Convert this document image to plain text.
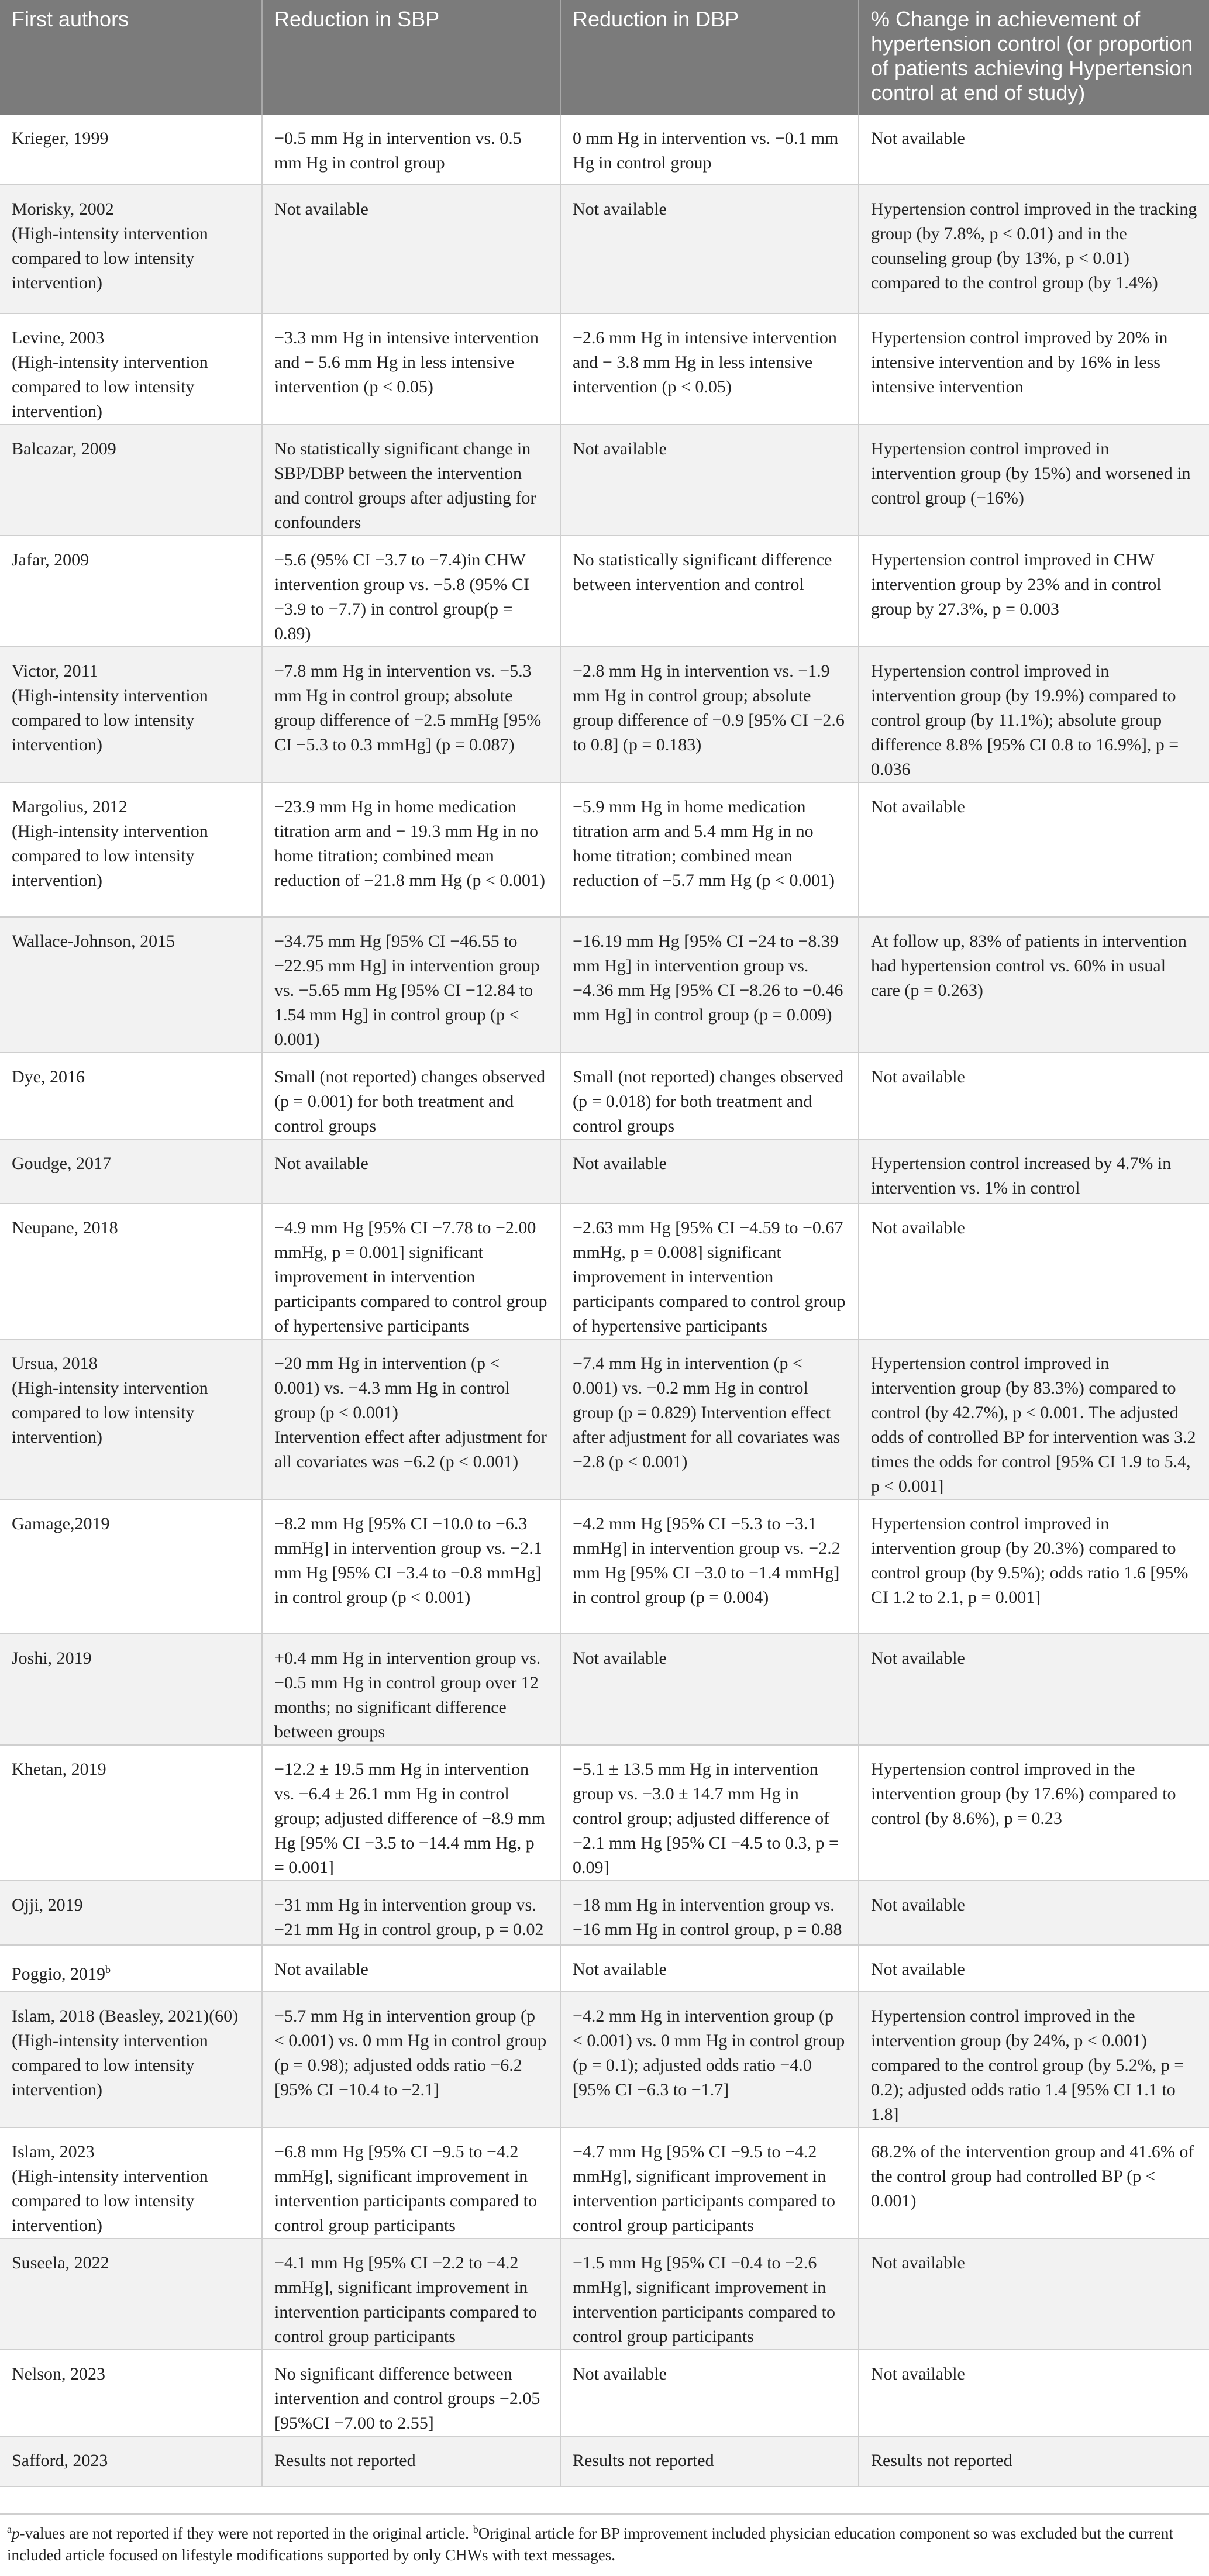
First authors	Reduction in SBP	Reduction in DBP	% Change in achievement of hypertension control (or proportion of patients achieving Hypertension control at end of study)

Krieger, 1999	−0.5 mm Hg in intervention vs. 0.5 mm Hg in control group	0 mm Hg in intervention vs. −0.1 mm Hg in control group	Not available

Morisky, 2002
(High-intensity intervention compared to low intensity intervention)	Not available	Not available	Hypertension control improved in the tracking group (by 7.8%, p < 0.01) and in the counseling group (by 13%, p < 0.01) compared to the control group (by 1.4%)

Levine, 2003
(High-intensity intervention compared to low intensity intervention)	−3.3 mm Hg in intensive intervention and − 5.6 mm Hg in less intensive intervention (p < 0.05)	−2.6 mm Hg in intensive intervention and − 3.8 mm Hg in less intensive intervention (p < 0.05)	Hypertension control improved by 20% in intensive intervention and by 16% in less intensive intervention

Balcazar, 2009	No statistically significant change in SBP/DBP between the intervention and control groups after adjusting for confounders	Not available	Hypertension control improved in intervention group (by 15%) and worsened in control group (−16%)

Jafar, 2009	−5.6 (95% CI −3.7 to −7.4)in CHW intervention group vs. −5.8 (95% CI −3.9 to −7.7) in control group(p = 0.89)	No statistically significant difference between intervention and control	Hypertension control improved in CHW intervention group by 23% and in control group by 27.3%, p = 0.003

Victor, 2011
(High-intensity intervention compared to low intensity intervention)	−7.8 mm Hg in intervention vs. −5.3 mm Hg in control group; absolute group difference of −2.5 mmHg [95% CI −5.3 to 0.3 mmHg] (p = 0.087)	−2.8 mm Hg in intervention vs. −1.9 mm Hg in control group; absolute group difference of −0.9 [95% CI −2.6 to 0.8] (p = 0.183)	Hypertension control improved in intervention group (by 19.9%) compared to control group (by 11.1%); absolute group difference 8.8% [95% CI 0.8 to 16.9%], p = 0.036

Margolius, 2012
(High-intensity intervention compared to low intensity intervention)	−23.9 mm Hg in home medication titration arm and − 19.3 mm Hg in no home titration; combined mean reduction of −21.8 mm Hg (p < 0.001)	−5.9 mm Hg in home medication titration arm and 5.4 mm Hg in no home titration; combined mean reduction of −5.7 mm Hg (p < 0.001)	Not available

Wallace-Johnson, 2015	−34.75 mm Hg [95% CI −46.55 to −22.95 mm Hg] in intervention group vs. −5.65 mm Hg [95% CI −12.84 to 1.54 mm Hg] in control group (p < 0.001)	−16.19 mm Hg [95% CI −24 to −8.39 mm Hg] in intervention group vs. −4.36 mm Hg [95% CI −8.26 to −0.46 mm Hg] in control group (p = 0.009)	At follow up, 83% of patients in intervention had hypertension control vs. 60% in usual care (p = 0.263)

Dye, 2016	Small (not reported) changes observed (p = 0.001) for both treatment and control groups	Small (not reported) changes observed (p = 0.018) for both treatment and control groups	Not available

Goudge, 2017	Not available	Not available	Hypertension control increased by 4.7% in intervention vs. 1% in control

Neupane, 2018	−4.9 mm Hg [95% CI −7.78 to −2.00 mmHg, p = 0.001] significant improvement in intervention participants compared to control group of hypertensive participants	−2.63 mm Hg [95% CI −4.59 to −0.67 mmHg, p = 0.008] significant improvement in intervention participants compared to control group of hypertensive participants	Not available

Ursua, 2018
(High-intensity intervention compared to low intensity intervention)	−20 mm Hg in intervention (p < 0.001) vs. −4.3 mm Hg in control group (p < 0.001)
Intervention effect after adjustment for all covariates was −6.2 (p < 0.001)	−7.4 mm Hg in intervention (p < 0.001) vs. −0.2 mm Hg in control group (p = 0.829) Intervention effect after adjustment for all covariates was −2.8 (p < 0.001)	Hypertension control improved in intervention group (by 83.3%) compared to control (by 42.7%), p < 0.001. The adjusted odds of controlled BP for intervention was 3.2 times the odds for control [95% CI 1.9 to 5.4, p < 0.001]

Gamage,2019	−8.2 mm Hg [95% CI −10.0 to −6.3 mmHg] in intervention group vs. −2.1 mm Hg [95% CI −3.4 to −0.8 mmHg] in control group (p < 0.001)	−4.2 mm Hg [95% CI −5.3 to −3.1 mmHg] in intervention group vs. −2.2 mm Hg [95% CI −3.0 to −1.4 mmHg] in control group (p = 0.004)	Hypertension control improved in intervention group (by 20.3%) compared to control group (by 9.5%); odds ratio 1.6 [95% CI 1.2 to 2.1, p = 0.001]

Joshi, 2019	+0.4 mm Hg in intervention group vs. −0.5 mm Hg in control group over 12 months; no significant difference between groups	Not available	Not available

Khetan, 2019	−12.2 ± 19.5 mm Hg in intervention vs. −6.4 ± 26.1 mm Hg in control group; adjusted difference of −8.9 mm Hg [95% CI −3.5 to −14.4 mm Hg, p = 0.001]	−5.1 ± 13.5 mm Hg in intervention group vs. −3.0 ± 14.7 mm Hg in control group; adjusted difference of −2.1 mm Hg [95% CI −4.5 to 0.3, p = 0.09]	Hypertension control improved in the intervention group (by 17.6%) compared to control (by 8.6%), p = 0.23

Ojji, 2019	−31 mm Hg in intervention group vs. −21 mm Hg in control group, p = 0.02	−18 mm Hg in intervention group vs. −16 mm Hg in control group, p = 0.88	Not available

Poggio, 2019$^b$	Not available	Not available	Not available

Islam, 2018 (Beasley, 2021)(60)
(High-intensity intervention compared to low intensity intervention)	−5.7 mm Hg in intervention group (p < 0.001) vs. 0 mm Hg in control group (p = 0.98); adjusted odds ratio −6.2 [95% CI −10.4 to −2.1]	−4.2 mm Hg in intervention group (p < 0.001) vs. 0 mm Hg in control group (p = 0.1); adjusted odds ratio −4.0 [95% CI −6.3 to −1.7]	Hypertension control improved in the intervention group (by 24%, p < 0.001) compared to the control group (by 5.2%, p = 0.2); adjusted odds ratio 1.4 [95% CI 1.1 to 1.8]

Islam, 2023
(High-intensity intervention compared to low intensity intervention)	−6.8 mm Hg [95% CI −9.5 to −4.2 mmHg], significant improvement in intervention participants compared to control group participants	−4.7 mm Hg [95% CI −9.5 to −4.2 mmHg], significant improvement in intervention participants compared to control group participants	68.2% of the intervention group and 41.6% of the control group had controlled BP (p < 0.001)

Suseela, 2022	−4.1 mm Hg [95% CI −2.2 to −4.2 mmHg], significant improvement in intervention participants compared to control group participants	−1.5 mm Hg [95% CI −0.4 to −2.6 mmHg], significant improvement in intervention participants compared to control group participants	Not available

Nelson, 2023	No significant difference between intervention and control groups −2.05 [95%CI −7.00 to 2.55]	Not available	Not available

Safford, 2023	Results not reported	Results not reported	Results not reported
$^a$p-values are not reported if they were not reported in the original article. $^b$Original article for BP improvement included physician education component so was excluded but the current included article focused on lifestyle modifications supported by only CHWs with text messages.
